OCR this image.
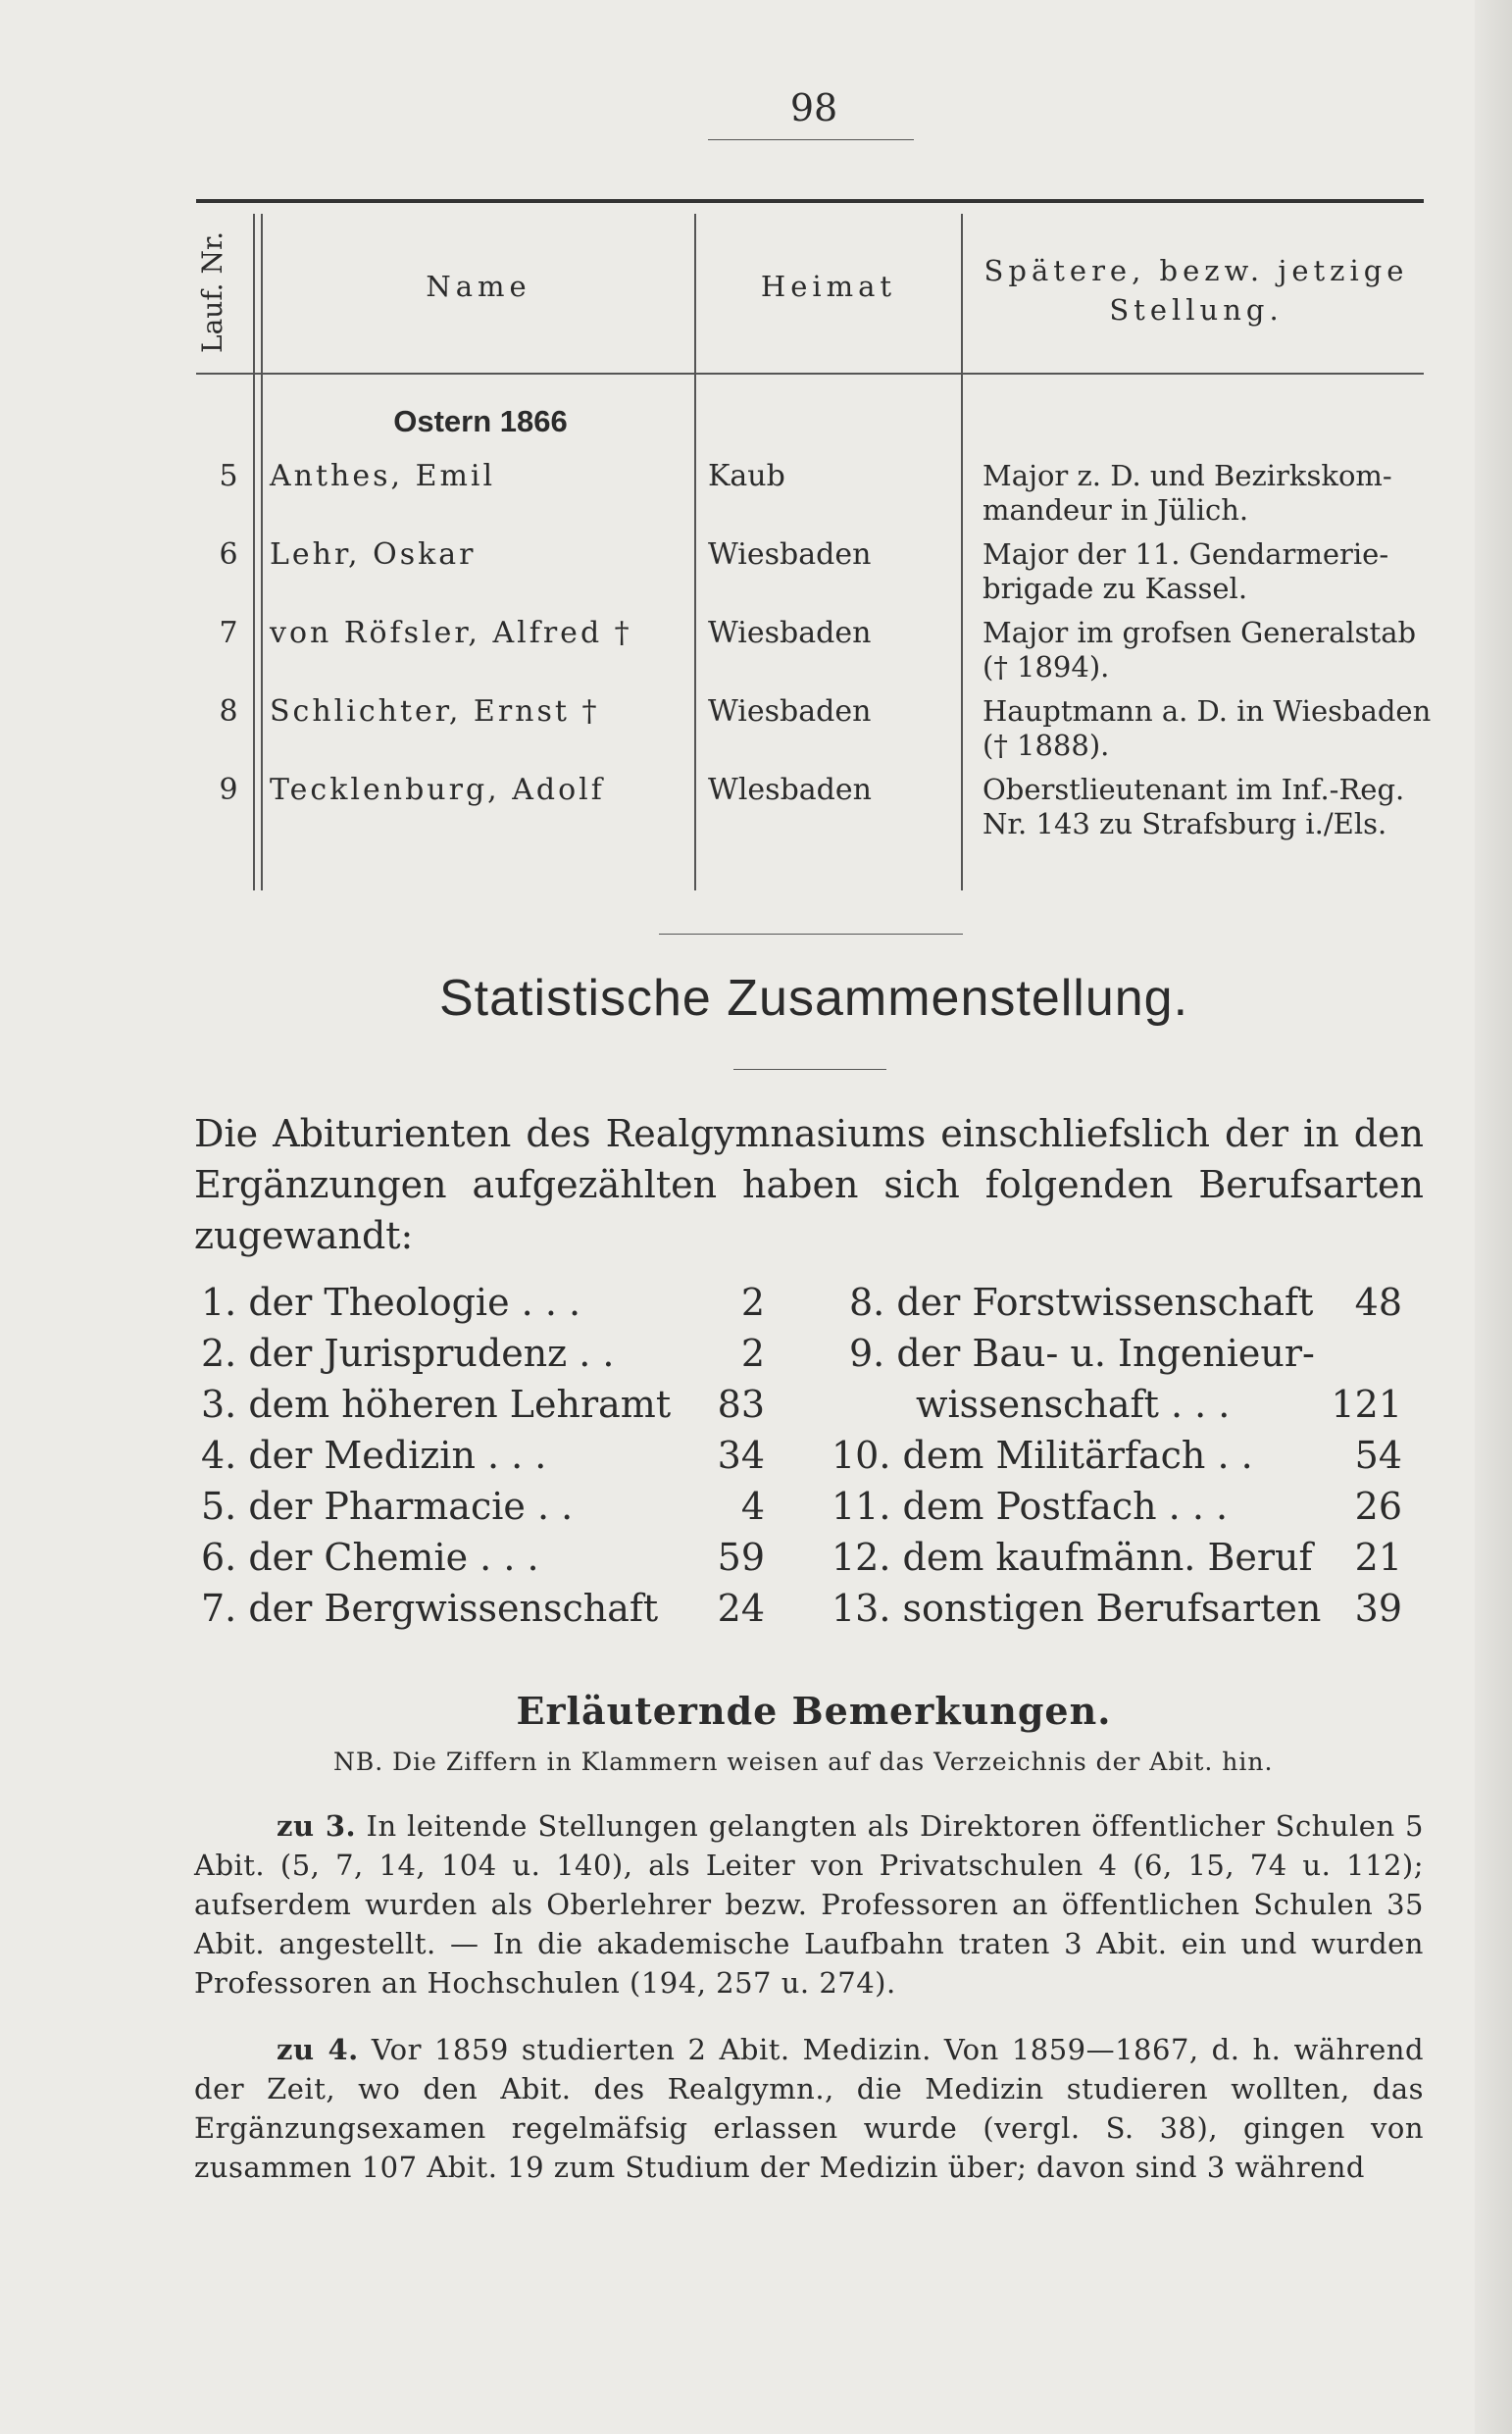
98
Lauf. Nr.	Name	Heimat	Spätere, bezw. jetzige Stellung.
Ostern 1866
5	Anthes, Emil	Kaub	Major z. D. und Bezirkskom-mandeur in Jülich.
6	Lehr, Oskar	Wiesbaden	Major der 11. Gendarmerie-brigade zu Kassel.
7	von Röfsler, Alfred †	Wiesbaden	Major im grofsen Generalstab († 1894).
8	Schlichter, Ernst †	Wiesbaden	Hauptmann a. D. in Wiesbaden († 1888).
9	Tecklenburg, Adolf	Wlesbaden	Oberstlieutenant im Inf.-Reg. Nr. 143 zu Strafsburg i./Els.
Statistische Zusammenstellung.
Die Abiturienten des Realgymnasiums einschliefslich der in den Ergänzungen aufgezählten haben sich folgenden Berufsarten zugewandt:
1. der Theologie . . .	2
2. der Jurisprudenz . .	2
3. dem höheren Lehramt	83
4. der Medizin . . .	34
5. der Pharmacie . .	4
6. der Chemie . . .	59
7. der Bergwissenschaft	24
8. der Forstwissenschaft	48
9. der Bau- u. Ingenieur-
wissenschaft . . .	121
10. dem Militärfach . .	54
11. dem Postfach . . .	26
12. dem kaufmänn. Beruf	21
13. sonstigen Berufsarten 39
Erläuternde Bemerkungen.
NB. Die Ziffern in Klammern weisen auf das Verzeichnis der Abit. hin.
zu 3. In leitende Stellungen gelangten als Direktoren öffentlicher Schulen 5 Abit. (5, 7, 14, 104 u. 140), als Leiter von Privatschulen 4 (6, 15, 74 u. 112); aufserdem wurden als Oberlehrer bezw. Professoren an öffentlichen Schulen 35 Abit. angestellt. — In die akademische Laufbahn traten 3 Abit. ein und wurden Professoren an Hochschulen (194, 257 u. 274).
zu 4. Vor 1859 studierten 2 Abit. Medizin. Von 1859—1867, d. h. während der Zeit, wo den Abit. des Realgymn., die Medizin studieren wollten, das Ergänzungsexamen regelmäfsig erlassen wurde (vergl. S. 38), gingen von zusammen 107 Abit. 19 zum Studium der Medizin über; davon sind 3 während
